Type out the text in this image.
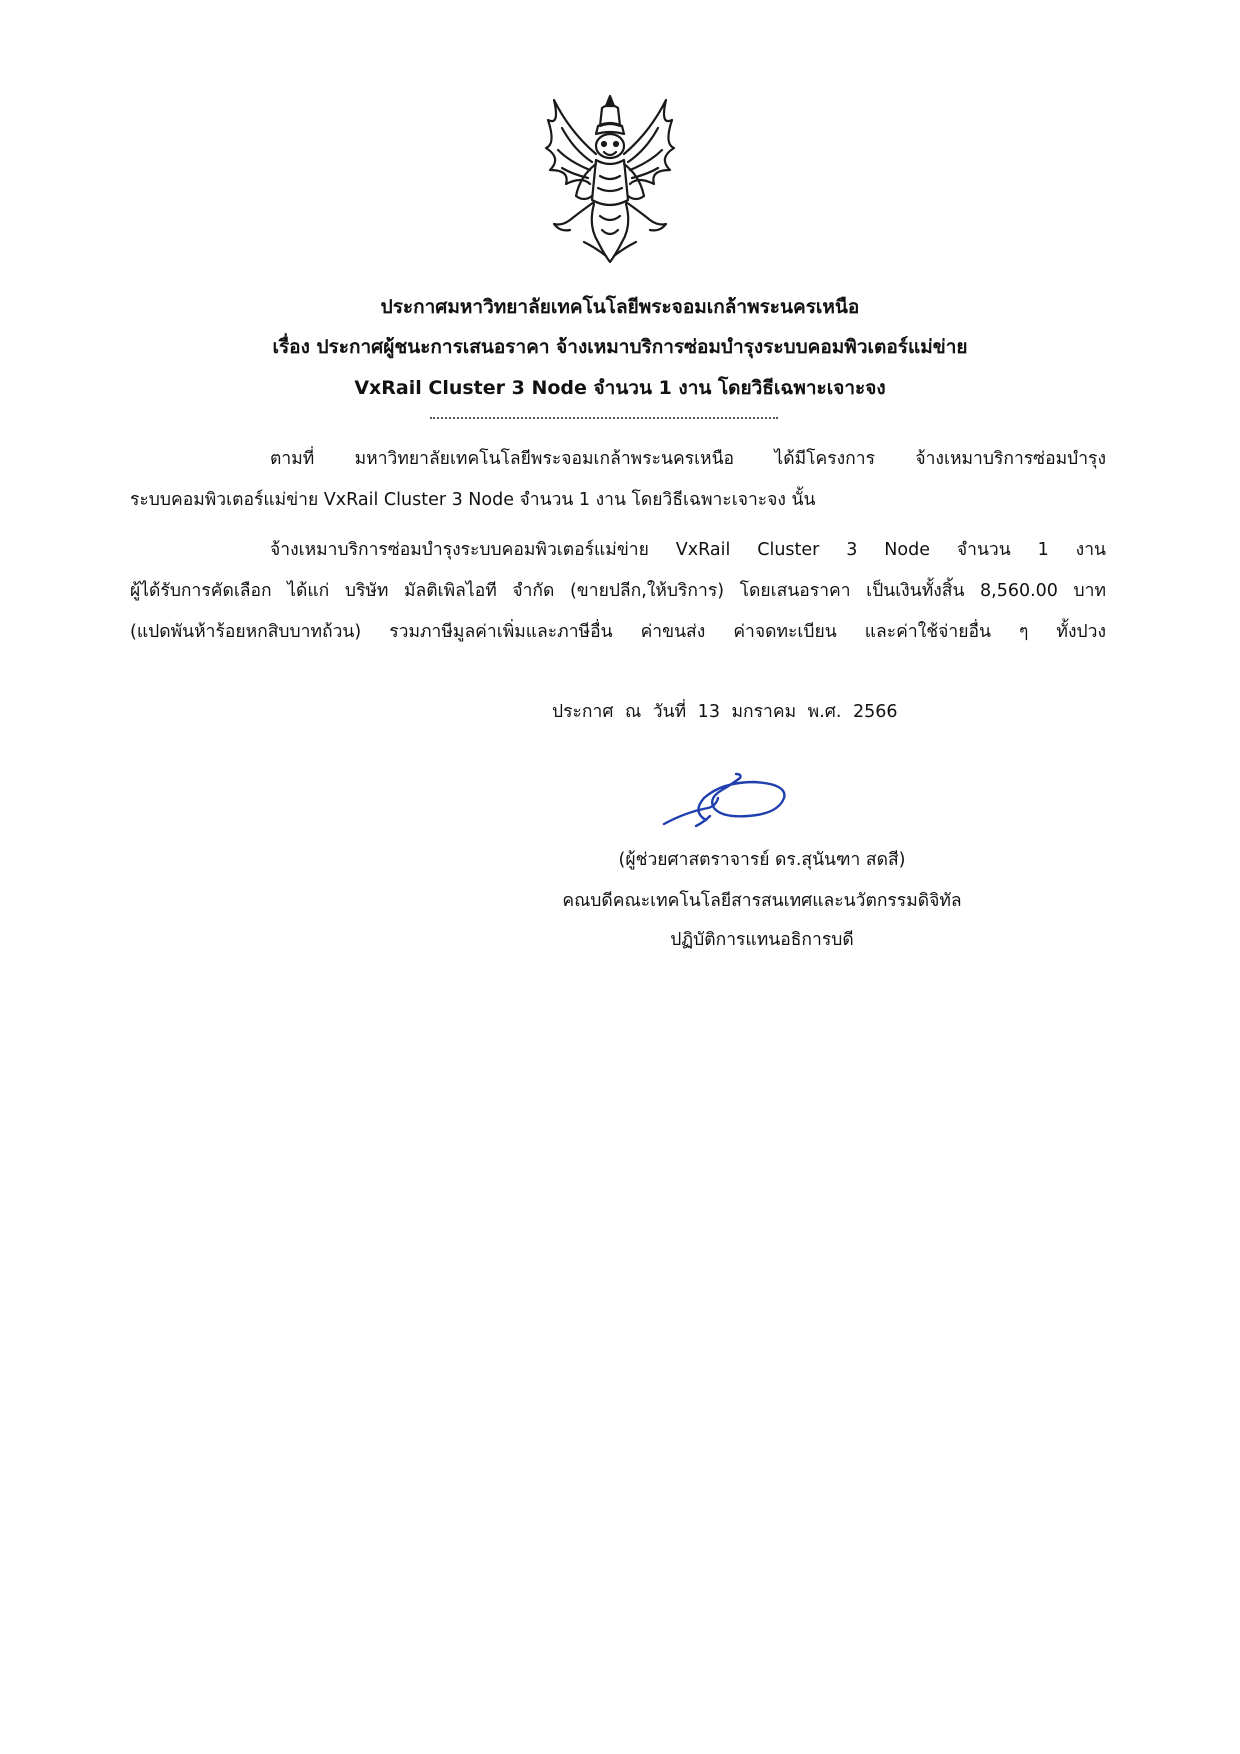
ประกาศมหาวิทยาลัยเทคโนโลยีพระจอมเกล้าพระนครเหนือ
เรื่อง ประกาศผู้ชนะการเสนอราคา จ้างเหมาบริการซ่อมบำรุงระบบคอมพิวเตอร์แม่ข่าย
VxRail Cluster 3 Node จำนวน 1 งาน โดยวิธีเฉพาะเจาะจง
ตามที่ มหาวิทยาลัยเทคโนโลยีพระจอมเกล้าพระนครเหนือ ได้มีโครงการ จ้างเหมาบริการซ่อมบำรุง
ระบบคอมพิวเตอร์แม่ข่าย VxRail Cluster 3 Node จำนวน 1 งาน โดยวิธีเฉพาะเจาะจง นั้น
จ้างเหมาบริการซ่อมบำรุงระบบคอมพิวเตอร์แม่ข่าย VxRail Cluster 3 Node จำนวน 1 งาน
ผู้ได้รับการคัดเลือก ได้แก่ บริษัท มัลติเพิลไอที จำกัด (ขายปลีก,ให้บริการ) โดยเสนอราคา เป็นเงินทั้งสิ้น 8,560.00 บาท
(แปดพันห้าร้อยหกสิบบาทถ้วน) รวมภาษีมูลค่าเพิ่มและภาษีอื่น ค่าขนส่ง ค่าจดทะเบียน และค่าใช้จ่ายอื่น ๆ ทั้งปวง
ประกาศ ณ วันที่ 13 มกราคม พ.ศ. 2566
(ผู้ช่วยศาสตราจารย์ ดร.สุนันฑา สดสี)
คณบดีคณะเทคโนโลยีสารสนเทศและนวัตกรรมดิจิทัล
ปฏิบัติการแทนอธิการบดี
